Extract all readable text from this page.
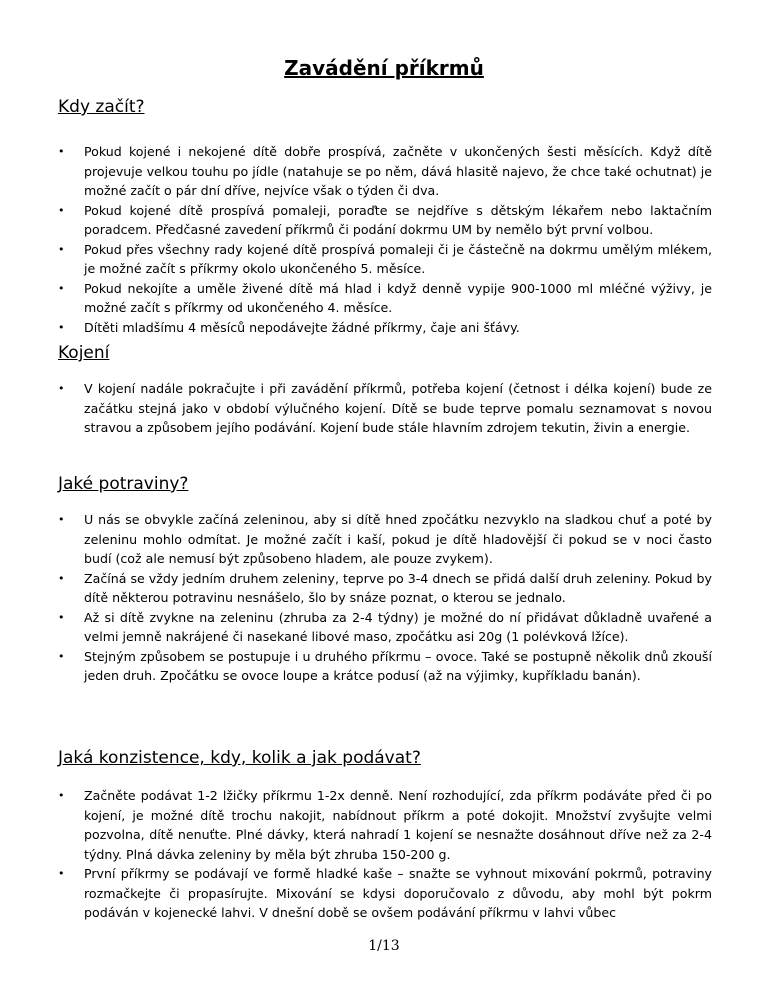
Zavádění příkrmů
Kdy začít?
• Pokud kojené i nekojené dítě dobře prospívá, začněte v ukončených šesti měsících. Když dítě projevuje velkou touhu po jídle (natahuje se po něm, dává hlasitě najevo, že chce také ochutnat) je možné začít o pár dní dříve, nejvíce však o týden či dva.
• Pokud kojené dítě prospívá pomaleji, poraďte se nejdříve s dětským lékařem nebo laktačním poradcem. Předčasné zavedení příkrmů či podání dokrmu UM by nemělo být první volbou.
• Pokud přes všechny rady kojené dítě prospívá pomaleji či je částečně na dokrmu umělým mlékem, je možné začít s příkrmy okolo ukončeného 5. měsíce.
• Pokud nekojíte a uměle živené dítě má hlad i když denně vypije 900-1000 ml mléčné výživy, je možné začít s příkrmy od ukončeného 4. měsíce.
• Dítěti mladšímu 4 měsíců nepodávejte žádné příkrmy, čaje ani šťávy.
Kojení
• V kojení nadále pokračujte i při zavádění příkrmů, potřeba kojení (četnost i délka kojení) bude ze začátku stejná jako v období výlučného kojení. Dítě se bude teprve pomalu seznamovat s novou stravou a způsobem jejího podávání. Kojení bude stále hlavním zdrojem tekutin, živin a energie.
Jaké potraviny?
• U nás se obvykle začíná zeleninou, aby si dítě hned zpočátku nezvyklo na sladkou chuť a poté by zeleninu mohlo odmítat. Je možné začít i kaší, pokud je dítě hladovější či pokud se v noci často budí (což ale nemusí být způsobeno hladem, ale pouze zvykem).
• Začíná se vždy jedním druhem zeleniny, teprve po 3-4 dnech se přidá další druh zeleniny. Pokud by dítě některou potravinu nesnášelo, šlo by snáze poznat, o kterou se jednalo.
• Až si dítě zvykne na zeleninu (zhruba za 2-4 týdny) je možné do ní přidávat důkladně uvařené a velmi jemně nakrájené či nasekané libové maso, zpočátku asi 20g (1 polévková lžíce).
• Stejným způsobem se postupuje i u druhého příkrmu – ovoce. Také se postupně několik dnů zkouší jeden druh. Zpočátku se ovoce loupe a krátce podusí (až na výjimky, kupříkladu banán).
Jaká konzistence, kdy, kolik a jak podávat?
• Začněte podávat 1-2 lžičky příkrmu 1-2x denně. Není rozhodující, zda příkrm podáváte před či po kojení, je možné dítě trochu nakojit, nabídnout příkrm a poté dokojit. Množství zvyšujte velmi pozvolna, dítě nenuťte. Plné dávky, která nahradí 1 kojení se nesnažte dosáhnout dříve než za 2-4 týdny. Plná dávka zeleniny by měla být zhruba 150-200 g.
• První příkrmy se podávají ve formě hladké kaše – snažte se vyhnout mixování pokrmů, potraviny rozmačkejte či propasírujte. Mixování se kdysi doporučovalo z důvodu, aby mohl být pokrm podáván v kojenecké lahvi. V dnešní době se ovšem podávání příkrmu v lahvi vůbec
1/13
